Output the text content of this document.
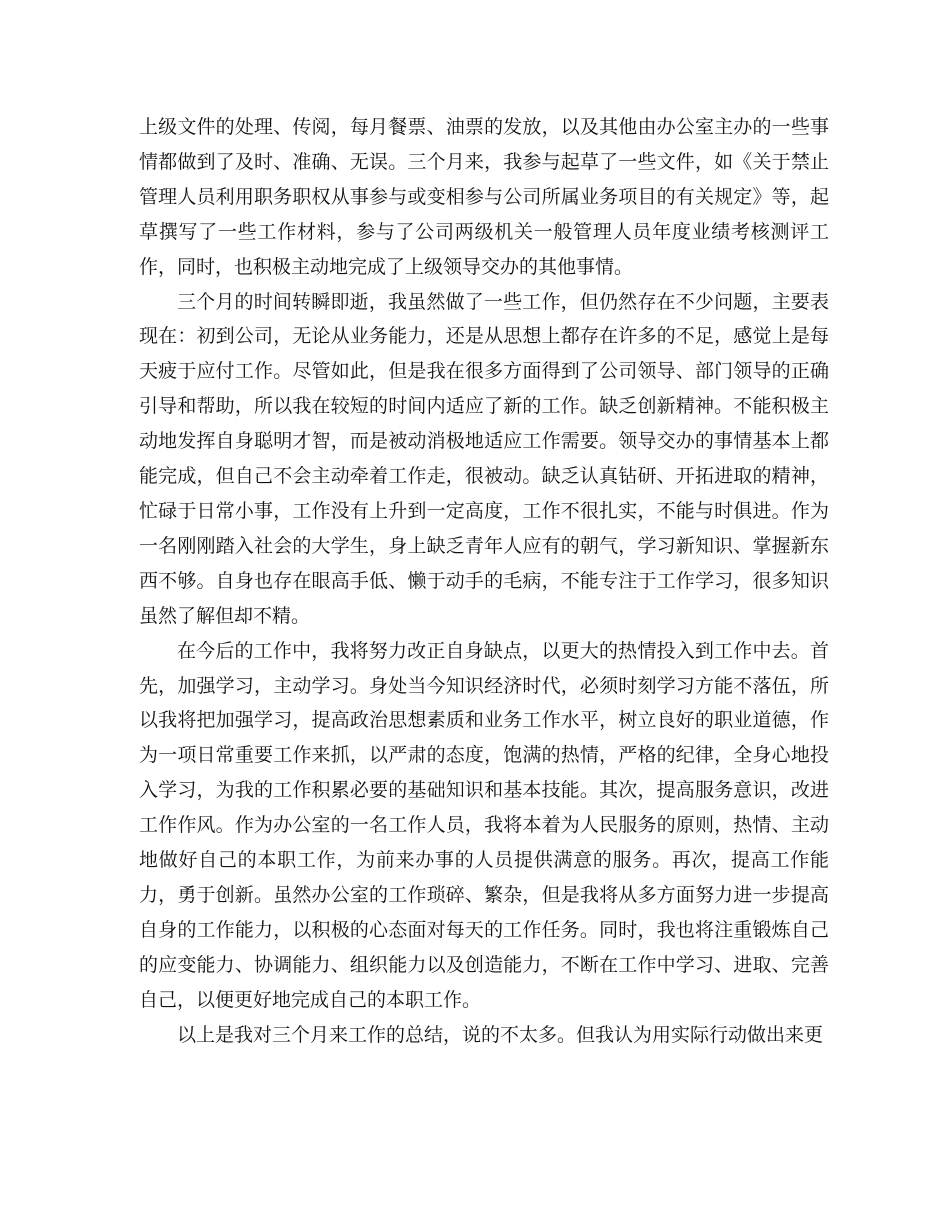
上级文件的处理、传阅，每月餐票、油票的发放，以及其他由办公室主办的一些事情都做到了及时、准确、无误。三个月来，我参与起草了一些文件，如《关于禁止管理人员利用职务职权从事参与或变相参与公司所属业务项目的有关规定》等，起草撰写了一些工作材料，参与了公司两级机关一般管理人员年度业绩考核测评工作，同时，也积极主动地完成了上级领导交办的其他事情。

三个月的时间转瞬即逝，我虽然做了一些工作，但仍然存在不少问题，主要表现在：初到公司，无论从业务能力，还是从思想上都存在许多的不足，感觉上是每天疲于应付工作。尽管如此，但是我在很多方面得到了公司领导、部门领导的正确引导和帮助，所以我在较短的时间内适应了新的工作。缺乏创新精神。不能积极主动地发挥自身聪明才智，而是被动消极地适应工作需要。领导交办的事情基本上都能完成，但自己不会主动牵着工作走，很被动。缺乏认真钻研、开拓进取的精神，忙碌于日常小事，工作没有上升到一定高度，工作不很扎实，不能与时俱进。作为一名刚刚踏入社会的大学生，身上缺乏青年人应有的朝气，学习新知识、掌握新东西不够。自身也存在眼高手低、懒于动手的毛病，不能专注于工作学习，很多知识虽然了解但却不精。

在今后的工作中，我将努力改正自身缺点，以更大的热情投入到工作中去。首先，加强学习，主动学习。身处当今知识经济时代，必须时刻学习方能不落伍，所以我将把加强学习，提高政治思想素质和业务工作水平，树立良好的职业道德，作为一项日常重要工作来抓，以严肃的态度，饱满的热情，严格的纪律，全身心地投入学习，为我的工作积累必要的基础知识和基本技能。其次，提高服务意识，改进工作作风。作为办公室的一名工作人员，我将本着为人民服务的原则，热情、主动地做好自己的本职工作，为前来办事的人员提供满意的服务。再次，提高工作能力，勇于创新。虽然办公室的工作琐碎、繁杂，但是我将从多方面努力进一步提高自身的工作能力，以积极的心态面对每天的工作任务。同时，我也将注重锻炼自己的应变能力、协调能力、组织能力以及创造能力，不断在工作中学习、进取、完善自己，以便更好地完成自己的本职工作。

以上是我对三个月来工作的总结，说的不太多。但我认为用实际行动做出来更
